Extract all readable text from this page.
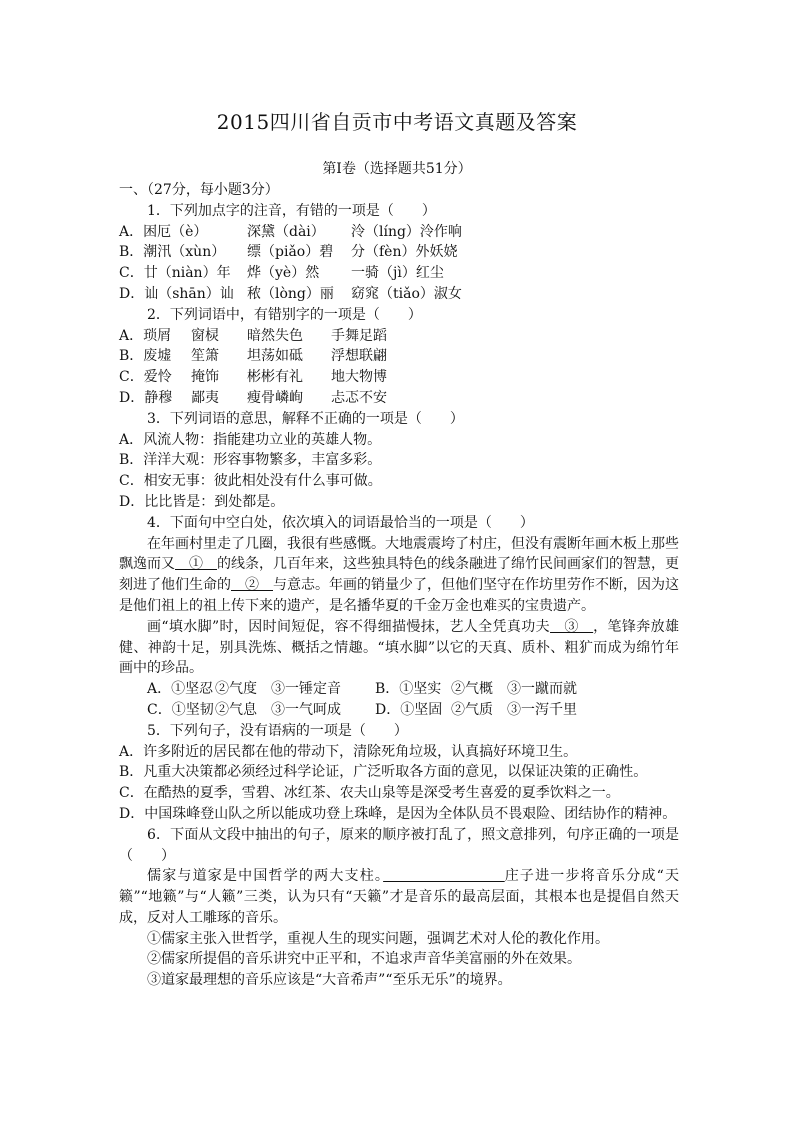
2015四川省自贡市中考语文真题及答案
第Ⅰ卷（选择题共51分）
一、（27分，每小题3分）
1．下列加点字的注音，有错的一项是（　　）
A．困厄（è）	深黛（dài） 泠（líng）泠作响
B．潮汛（xùn） 缥（piǎo）碧 分（fèn）外妖娆
C．廿（niàn）年 烨（yè）然 一骑（jì）红尘
D．讪（shān）讪 秾（lòng）丽 窈窕（tiǎo）淑女
2．下列词语中，有错别字的一项是（　　）
A．琐屑 窗棂 暗然失色 手舞足蹈
B．废墟 笙箫 坦荡如砥 浮想联翩
C．爱怜 掩饰 彬彬有礼 地大物博
D．静穆 鄙夷 瘦骨嶙峋 忐忑不安
3．下列词语的意思，解释不正确的一项是（　　）
A．风流人物：指能建功立业的英雄人物。
B．洋洋大观：形容事物繁多，丰富多彩。
C．相安无事：彼此相处没有什么事可做。
D．比比皆是：到处都是。
4．下面句中空白处，依次填入的词语最恰当的一项是（　　）
在年画村里走了几圈，我很有些感慨。大地震震垮了村庄，但没有震断年画木板上那些飘逸而又　①　的线条，几百年来，这些独具特色的线条融进了绵竹民间画家们的智慧，更刻进了他们生命的　②　与意志。年画的销量少了，但他们坚守在作坊里劳作不断，因为这是他们祖上的祖上传下来的遗产，是名播华夏的千金万金也难买的宝贵遗产。
画“填水脚”时，因时间短促，容不得细描慢抹，艺人全凭真功夫　③　，笔锋奔放雄健、神韵十足，别具洗炼、概括之情趣。“填水脚”以它的天真、质朴、粗犷而成为绵竹年画中的珍品。
A．①坚忍 ②气度 ③一锤定音 B．①坚实 ②气概 ③一蹴而就
C．①坚韧②气息 ③一气呵成 D．①坚固 ②气质 ③一泻千里
5．下列句子，没有语病的一项是（　　）
A．许多附近的居民都在他的带动下，清除死角垃圾，认真搞好环境卫生。
B．凡重大决策都必须经过科学论证，广泛听取各方面的意见，以保证决策的正确性。
C．在酷热的夏季，雪碧、冰红茶、农夫山泉等是深受考生喜爱的夏季饮料之一。
D．中国珠峰登山队之所以能成功登上珠峰，是因为全体队员不畏艰险、团结协作的精神。
6．下面从文段中抽出的句子，原来的顺序被打乱了，照文意排列，句序正确的一项是（　　）
儒家与道家是中国哲学的两大支柱。　　　　　　　　	庄子进一步将音乐分成“天籁”“地籁”与“人籁”三类，认为只有“天籁”才是音乐的最高层面，其根本也是提倡自然天成，反对人工雕琢的音乐。
①儒家主张入世哲学，重视人生的现实问题，强调艺术对人伦的教化作用。
②儒家所提倡的音乐讲究中正平和，不追求声音华美富丽的外在效果。
③道家最理想的音乐应该是“大音希声”“至乐无乐”的境界。
